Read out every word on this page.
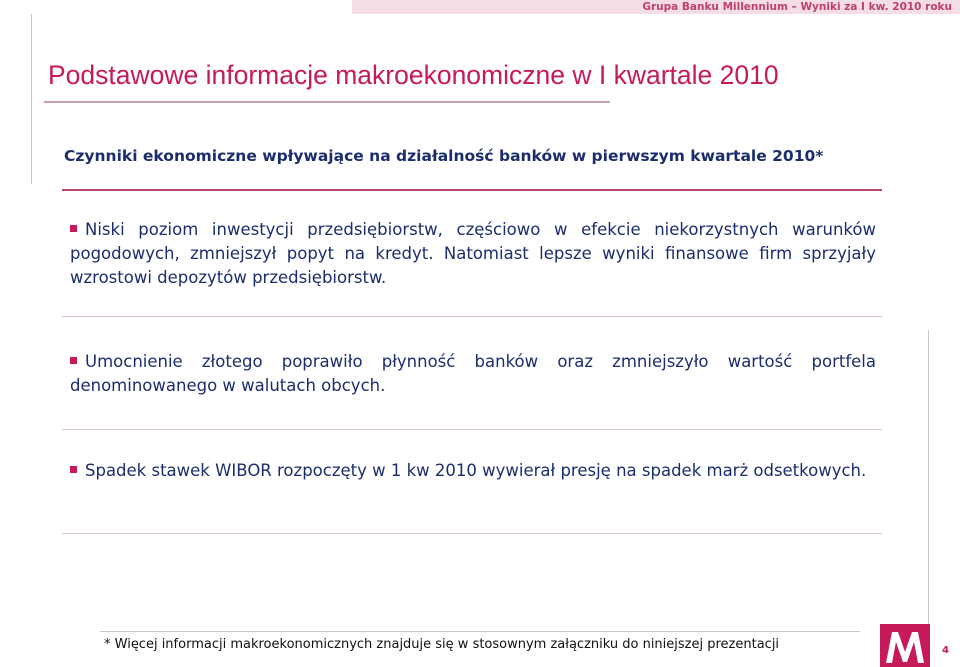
Grupa Banku Millennium – Wyniki za I kw. 2010 roku
Podstawowe informacje makroekonomiczne w I kwartale 2010
Czynniki ekonomiczne wpływające na działalność banków w pierwszym kwartale 2010*
Niski poziom inwestycji przedsiębiorstw, częściowo w efekcie niekorzystnych warunków pogodowych, zmniejszył popyt na kredyt. Natomiast lepsze wyniki finansowe firm sprzyjały wzrostowi depozytów przedsiębiorstw.
Umocnienie złotego poprawiło płynność banków oraz zmniejszyło wartość portfela denominowanego w walutach obcych.
Spadek stawek WIBOR rozpoczęty w 1 kw 2010 wywierał presję na spadek marż odsetkowych.
* Więcej informacji makroekonomicznych znajduje się w stosownym załączniku do niniejszej prezentacji	4
